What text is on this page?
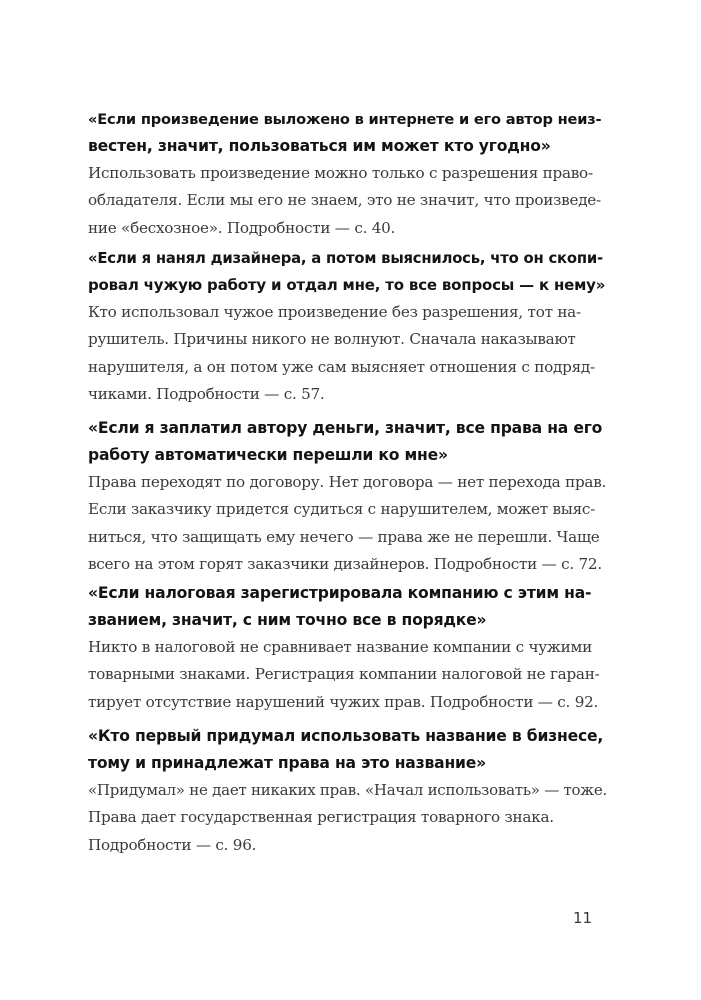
«Если произведение выложено в интернете и его автор неиз-
вестен, значит, пользоваться им может кто угодно»

Использовать произведение можно только с разрешения право-
обладателя. Если мы его не знаем, это не значит, что произведе-
ние «бесхозное». Подробности — с. 40.

«Если я нанял дизайнера, а потом выяснилось, что он скопи-
ровал чужую работу и отдал мне, то все вопросы — к нему»

Кто использовал чужое произведение без разрешения, тот на-
рушитель. Причины никого не волнуют. Сначала наказывают
нарушителя, а он потом уже сам выясняет отношения с подряд-
чиками. Подробности — с. 57.

«Если я заплатил автору деньги, значит, все права на его
работу автоматически перешли ко мне»

Права переходят по договору. Нет договора — нет перехода прав.
Если заказчику придется судиться с нарушителем, может выяс-
ниться, что защищать ему нечего — права же не перешли. Чаще
всего на этом горят заказчики дизайнеров. Подробности — с. 72.

«Если налоговая зарегистрировала компанию с этим на-
званием, значит, с ним точно все в порядке»

Никто в налоговой не сравнивает название компании с чужими
товарными знаками. Регистрация компании налоговой не гаран-
тирует отсутствие нарушений чужих прав. Подробности — с. 92.

«Кто первый придумал использовать название в бизнесе,
тому и принадлежат права на это название»

«Придумал» не дает никаких прав. «Начал использовать» — тоже.
Права дает государственная регистрация товарного знака.
Подробности — с. 96.

11
